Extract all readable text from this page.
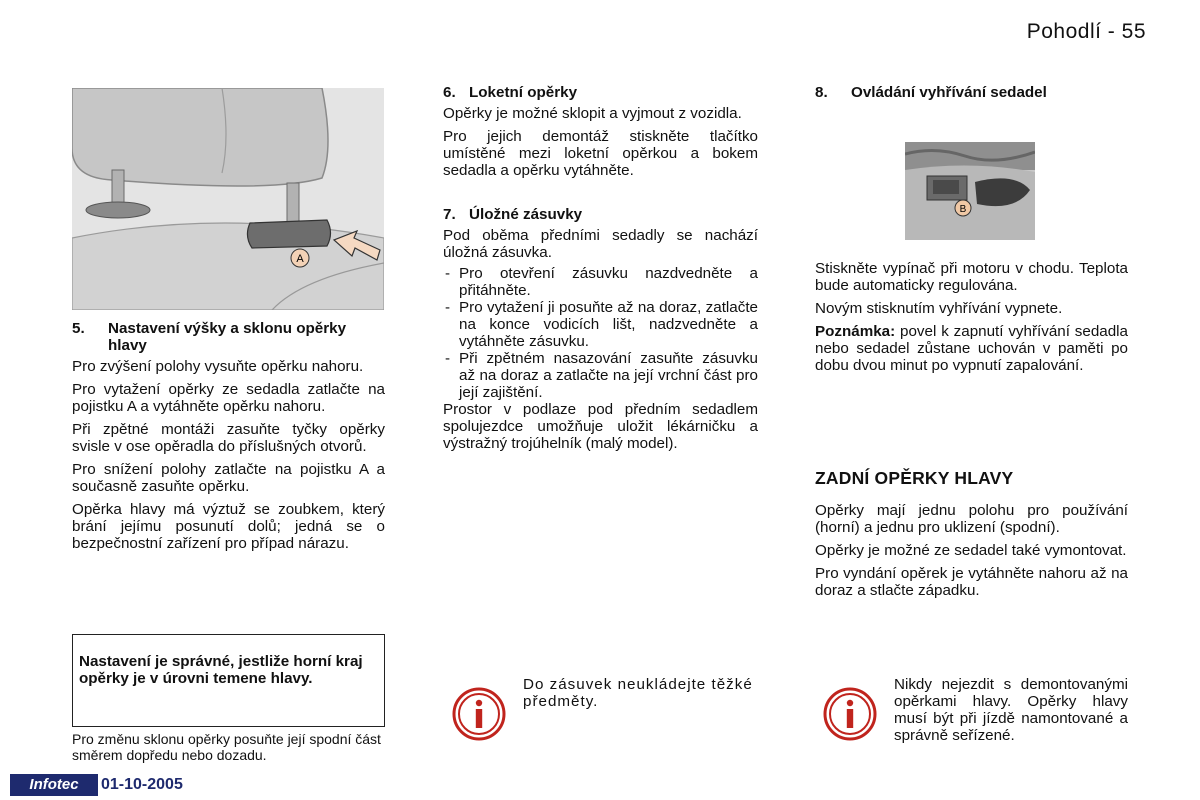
Pohodlí - 55
A
5.	Nastavení výšky a sklonu opěrky hlavy

Pro zvýšení polohy vysuňte opěrku nahoru.

Pro vytažení opěrky ze sedadla zatlačte na pojistku A a vytáhněte opěrku nahoru.

Při zpětné montáži zasuňte tyčky opěrky svisle v ose opěradla do příslušných otvorů.

Pro snížení polohy zatlačte na pojistku A a současně zasuňte opěrku.

Opěrka hlavy má výztuž se zoubkem, který brání jejímu posunutí dolů; jedná se o bezpečnostní zařízení pro případ nárazu.

Nastavení je správné, jestliže horní kraj opěrky je v úrovni temene hlavy.
Pro změnu sklonu opěrky posuňte její spodní část směrem dopředu nebo dozadu.
6. Loketní opěrky

Opěrky je možné sklopit a vyjmout z vozidla.

Pro jejich demontáž stiskněte tlačítko umístěné mezi loketní opěrkou a bokem sedadla a opěrku vytáhněte.

7. Úložné zásuvky

Pod oběma předními sedadly se nachází úložná zásuvka.

- Pro otevření zásuvku nazdvedněte a přitáhněte.
- Pro vytažení ji posuňte až na doraz, zatlačte na konce vodicích lišt, nadzvedněte a vytáhněte zásuvku.
- Při zpětném nasazování zasuňte zásuvku až na doraz a zatlačte na její vrchní část pro její zajištění.

Prostor v podlaze pod předním sedadlem spolujezdce umožňuje uložit lékárničku a výstražný trojúhelník (malý model).

Do zásuvek neukládejte těžké předměty.
8.	Ovládání vyhřívání sedadel
B

Stiskněte vypínač při motoru v chodu. Teplota bude automaticky regulována.

Novým stisknutím vyhřívání vypnete.

Poznámka: povel k zapnutí vyhřívání sedadla nebo sedadel zůstane uchován v paměti po dobu dvou minut po vypnutí zapalování.

ZADNÍ OPĚRKY HLAVY

Opěrky mají jednu polohu pro používání (horní) a jednu pro uklizení (spodní).

Opěrky je možné ze sedadel také vymontovat.

Pro vyndání opěrek je vytáhněte nahoru až na doraz a stlačte západku.

Nikdy nejezdit s demontovanými opěrkami hlavy. Opěrky hlavy musí být při jízdě namontované a správně seřízené.
Infotec	01-10-2005
